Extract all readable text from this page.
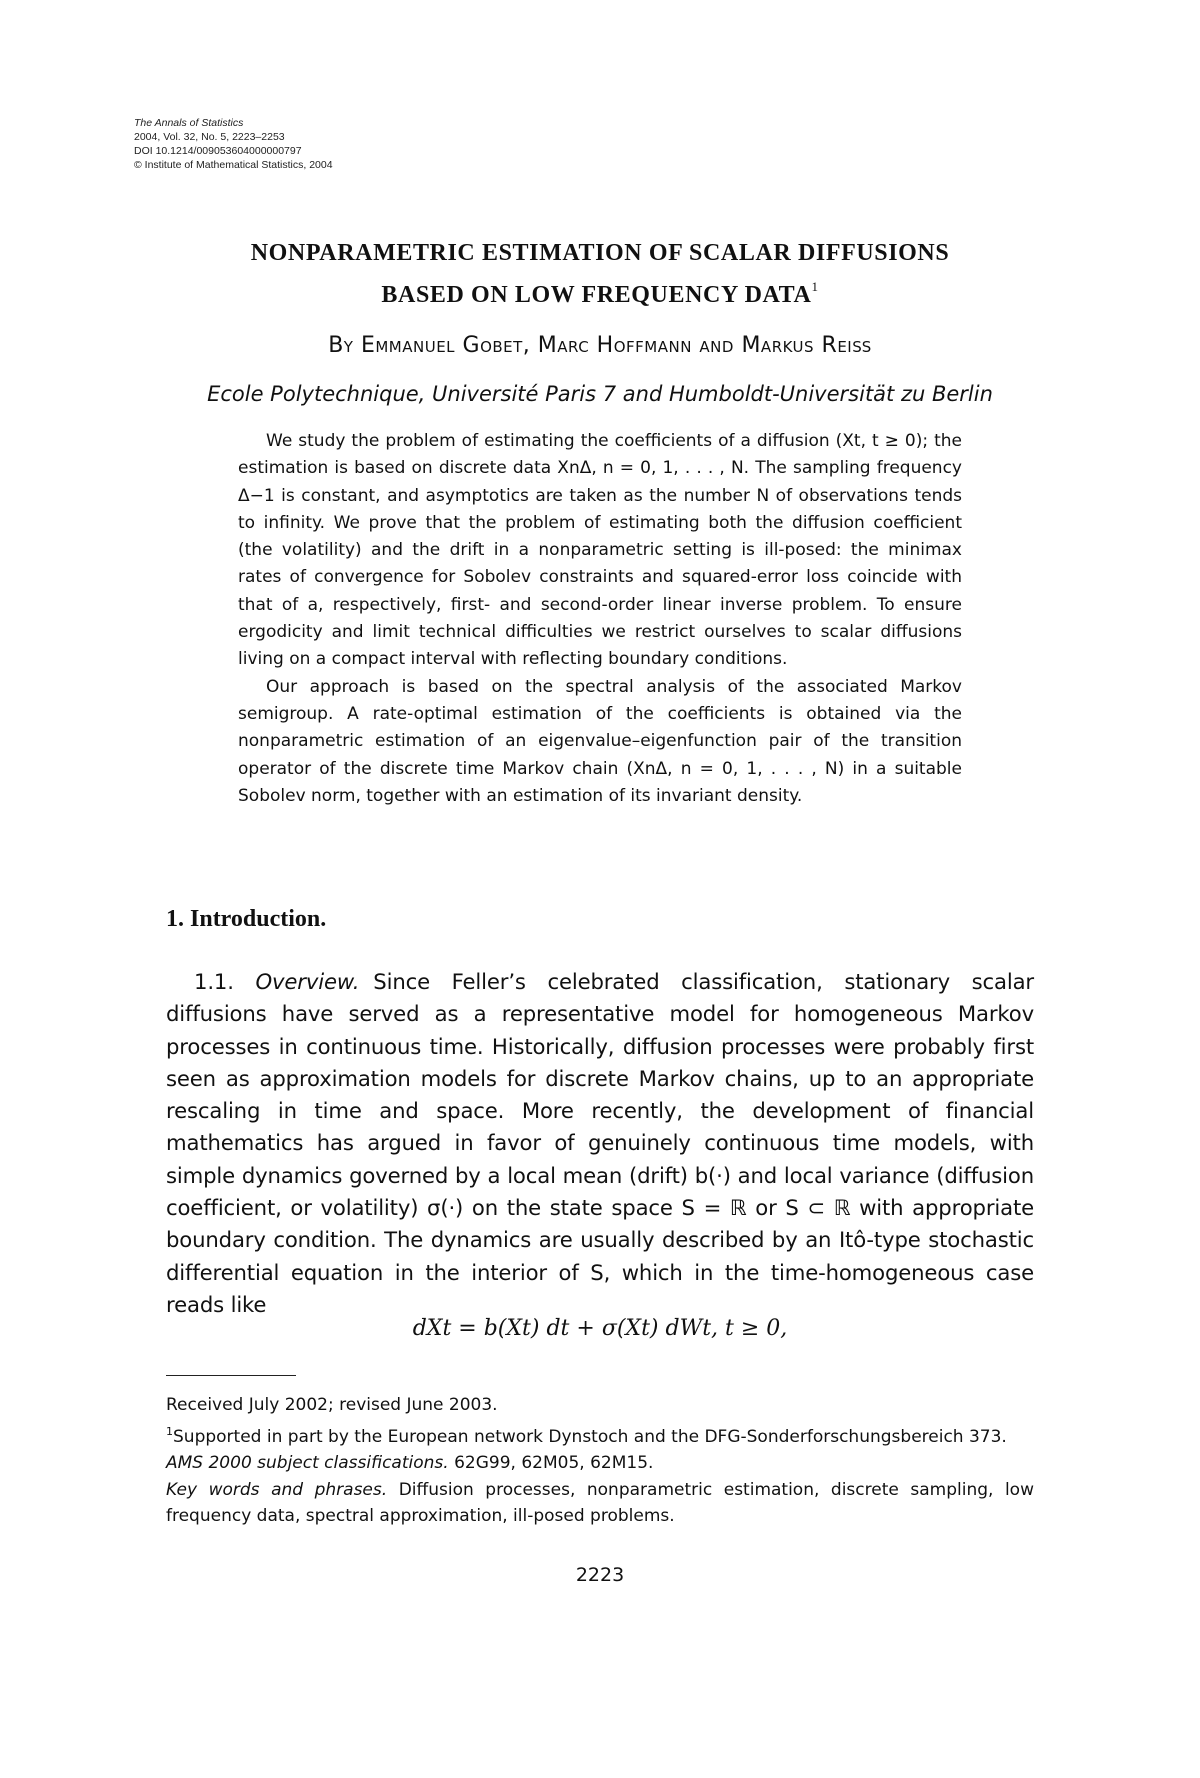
The Annals of Statistics
2004, Vol. 32, No. 5, 2223–2253
DOI 10.1214/009053604000000797
© Institute of Mathematical Statistics, 2004
NONPARAMETRIC ESTIMATION OF SCALAR DIFFUSIONS
BASED ON LOW FREQUENCY DATA$^1$
By Emmanuel Gobet, Marc Hoffmann and Markus Reiß
Ecole Polytechnique, Université Paris 7 and Humboldt-Universität zu Berlin

We study the problem of estimating the coefficients of a diffusion (Xt, t ≥ 0); the estimation is based on discrete data XnΔ, n = 0, 1, . . . , N. The sampling frequency Δ−1 is constant, and asymptotics are taken as the number N of observations tends to infinity. We prove that the problem of estimating both the diffusion coefficient (the volatility) and the drift in a nonparametric setting is ill-posed: the minimax rates of convergence for Sobolev constraints and squared-error loss coincide with that of a, respectively, first- and second-order linear inverse problem. To ensure ergodicity and limit technical difficulties we restrict ourselves to scalar diffusions living on a compact interval with reflecting boundary conditions.

Our approach is based on the spectral analysis of the associated Markov semigroup. A rate-optimal estimation of the coefficients is obtained via the nonparametric estimation of an eigenvalue–eigenfunction pair of the transition operator of the discrete time Markov chain (XnΔ, n = 0, 1, . . . , N) in a suitable Sobolev norm, together with an estimation of its invariant density.

1. Introduction.

1.1. Overview. Since Feller’s celebrated classification, stationary scalar diffusions have served as a representative model for homogeneous Markov processes in continuous time. Historically, diffusion processes were probably first seen as approximation models for discrete Markov chains, up to an appropriate rescaling in time and space. More recently, the development of financial mathematics has argued in favor of genuinely continuous time models, with simple dynamics governed by a local mean (drift) b(·) and local variance (diffusion coefficient, or volatility) σ(·) on the state space S = ℝ or S ⊂ ℝ with appropriate boundary condition. The dynamics are usually described by an Itô-type stochastic differential equation in the interior of S, which in the time-homogeneous case reads like

dXt = b(Xt) dt + σ(Xt) dWt, t ≥ 0,

Received July 2002; revised June 2003.

$^1$Supported in part by the European network Dynstoch and the DFG-Sonderforschungsbereich 373.

AMS 2000 subject classifications. 62G99, 62M05, 62M15.

Key words and phrases. Diffusion processes, nonparametric estimation, discrete sampling, low frequency data, spectral approximation, ill-posed problems.

2223
